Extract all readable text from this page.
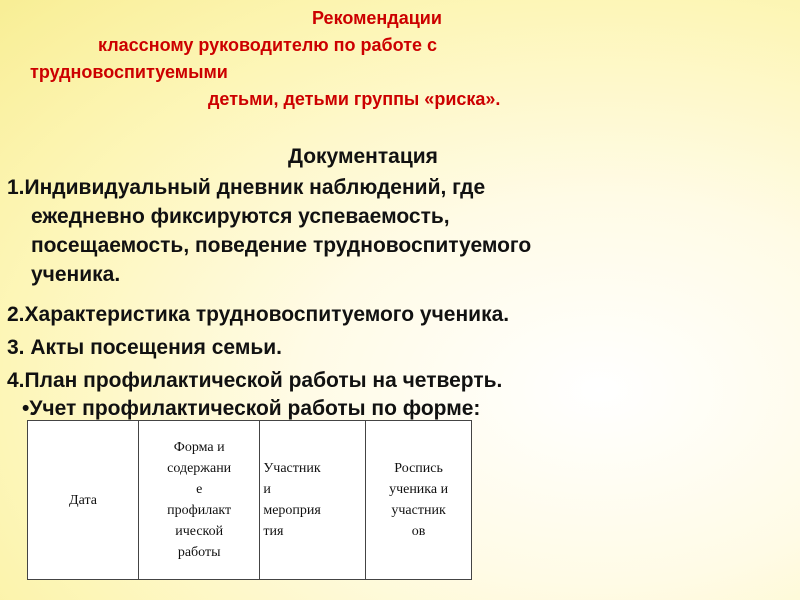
Рекомендации
классному руководителю по работе с
трудновоспитуемыми
детьми, детьми группы «риска».
Документация
1.Индивидуальный дневник наблюдений, где
ежедневно фиксируются успеваемость,
посещаемость, поведение трудновоспитуемого
ученика.
2.Характеристика трудновоспитуемого ученика.
3. Акты посещения семьи.
4.План профилактической работы на четверть.
•Учет профилактической работы по форме:
Дата	Форма и
содержани
е
профилакт
ической
работы	Участник
и
мероприя
тия	Роспись
ученика и
участник
ов
